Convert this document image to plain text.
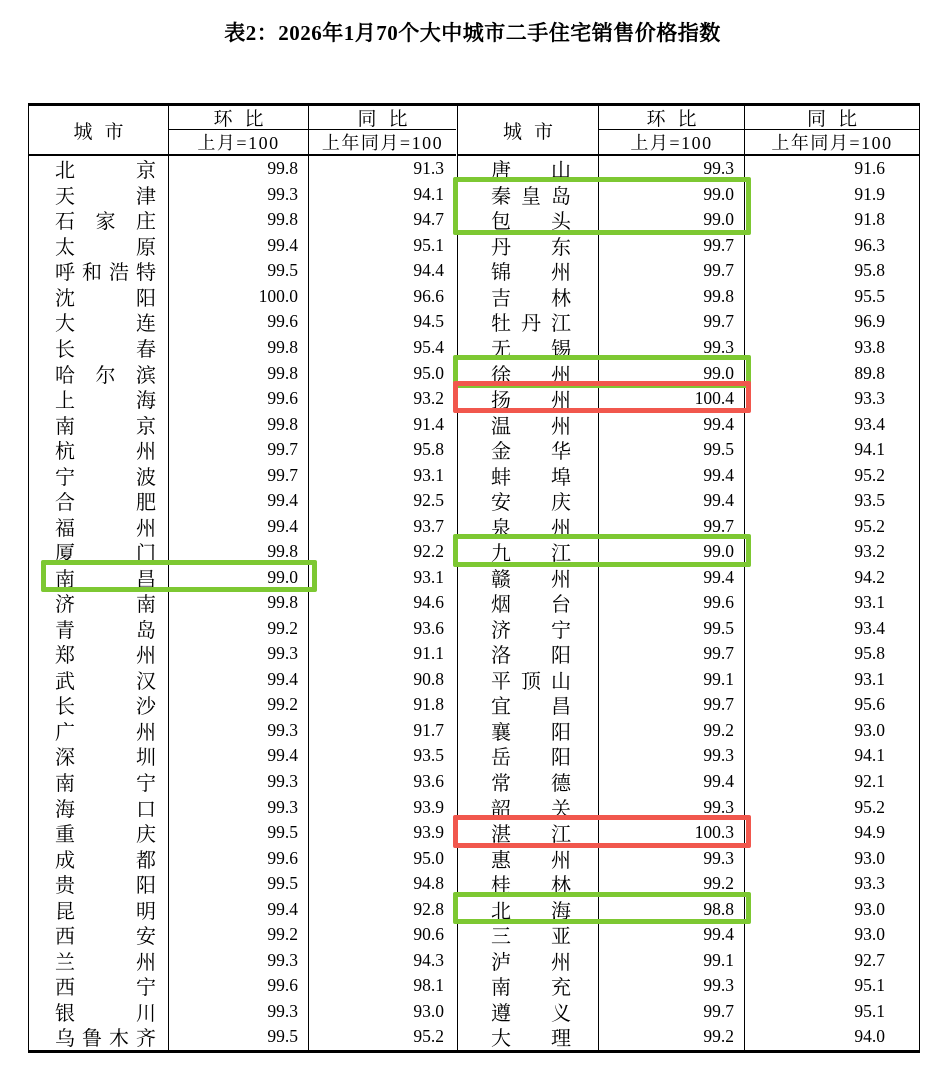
表2：2026年1月70个大中城市二手住宅销售价格指数
城市
环比	同比
上月=100 上年同月=100
北	京	99.8	91.3
天	津	99.3	94.1
石 家 庄	99.8	94.7
太	原	99.4	95.1
呼 和 浩 特	99.5	94.4
沈	阳	100.0	96.6
大	连	99.6	94.5
长	春	99.8	95.4
哈 尔 滨	99.8	95.0
上	海	99.6	93.2
南	京	99.8	91.4
杭	州	99.7	95.8
宁	波	99.7	93.1
合	肥	99.4	92.5
福	州	99.4	93.7
厦	门	99.8	92.2
南	昌	99.0	93.1
济	南	99.8	94.6
青	岛	99.2	93.6
郑	州	99.3	91.1
武	汉	99.4	90.8
长	沙	99.2	91.8
广	州	99.3	91.7
深	圳	99.4	93.5
南	宁	99.3	93.6
海	口	99.3	93.9
重	庆	99.5	93.9
成	都	99.6	95.0
贵	阳	99.5	94.8
昆	明	99.4	92.8
西	安	99.2	90.6
兰	州	99.3	94.3
西	宁	99.6	98.1
银	川	99.3	93.0
乌 鲁 木 齐	99.5	95.2
城市
环比	同比
上月=100	上年同月=100
唐 山	99.3	91.6
秦 皇 岛	99.0	91.9
包 头	99.0	91.8
丹 东	99.7	96.3
锦 州	99.7	95.8
吉 林	99.8	95.5
牡 丹 江	99.7	96.9
无 锡	99.3	93.8
徐 州	99.0	89.8
扬 州	100.4	93.3
温 州	99.4	93.4
金 华	99.5	94.1
蚌 埠	99.4	95.2
安 庆	99.4	93.5
泉 州	99.7	95.2
九 江	99.0	93.2
赣 州	99.4	94.2
烟 台	99.6	93.1
济 宁	99.5	93.4
洛 阳	99.7	95.8
平 顶 山	99.1	93.1
宜 昌	99.7	95.6
襄 阳	99.2	93.0
岳 阳	99.3	94.1
常 德	99.4	92.1
韶 关	99.3	95.2
湛 江	100.3	94.9
惠 州	99.3	93.0
桂 林	99.2	93.3
北 海	98.8	93.0
三 亚	99.4	93.0
泸 州	99.1	92.7
南 充	99.3	95.1
遵 义	99.7	95.1
大 理	99.2	94.0
